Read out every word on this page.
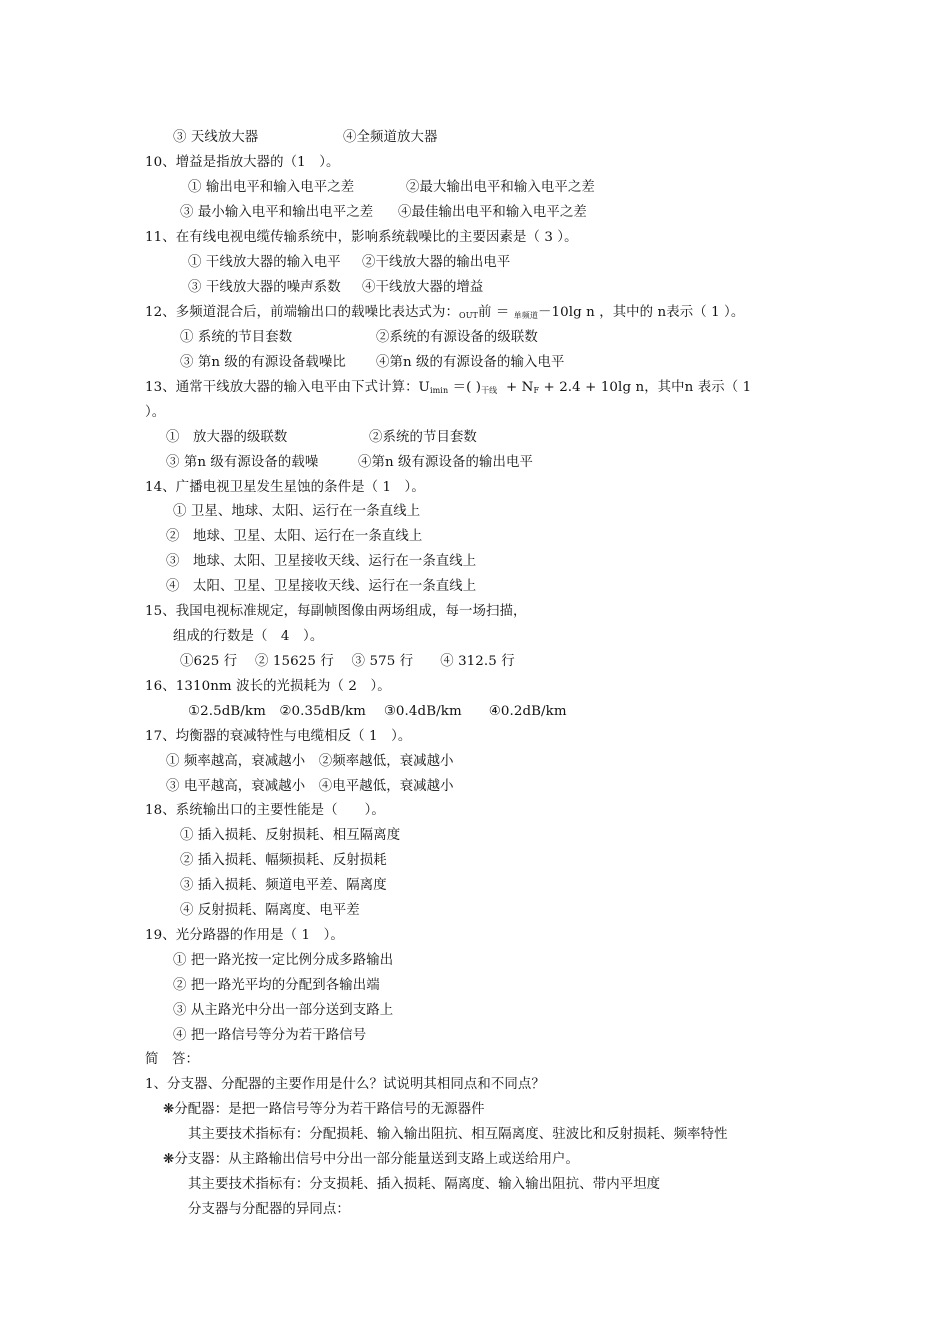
③ 天线放大器	④全频道放大器
10、增益是指放大器的（1　）。
① 输出电平和输入电平之差	②最大输出电平和输入电平之差
③ 最小输入电平和输出电平之差 ④最佳输出电平和输入电平之差
11、在有线电视电缆传输系统中，影响系统载噪比的主要因素是（ 3 ）。
① 干线放大器的输入电平 ②干线放大器的输出电平
③ 干线放大器的噪声系数 ④干线放大器的增益
12、多频道混合后，前端输出口的载噪比表达式为：$_{OUT}$前 ＝ $_{单频道}$－10lg n ，其中的 n表示（ 1 ）。
① 系统的节目套数	②系统的有源设备的级联数
③ 第n 级的有源设备载噪比 ④第n 级的有源设备的输入电平
13、通常干线放大器的输入电平由下式计算：$U_{imin}$ ＝( )$_{干线} + N_F + 2.4 + 10\lg$ n，其中n 表示（ 1
）。
①　放大器的级联数	②系统的节目套数
③ 第n 级有源设备的载噪	④第n 级有源设备的输出电平
14、广播电视卫星发生星蚀的条件是（ 1　）。
① 卫星、地球、太阳、运行在一条直线上
②　地球、卫星、太阳、运行在一条直线上
③　地球、太阳、卫星接收天线、运行在一条直线上
④　太阳、卫星、卫星接收天线、运行在一条直线上
15、我国电视标准规定，每副帧图像由两场组成，每一场扫描，
组成的行数是（　4　）。
①625 行　 ② 15625 行　 ③ 575 行　　④ 312.5 行
16、1310nm 波长的光损耗为（ 2　）。
①2.5dB/km　②0.35dB/km　 ③0.4dB/km　　④0.2dB/km
17、均衡器的衰减特性与电缆相反（ 1　）。
① 频率越高，衰减越小　②频率越低，衰减越小
③ 电平越高，衰减越小　④电平越低，衰减越小
18、系统输出口的主要性能是（　　）。
① 插入损耗、反射损耗、相互隔离度
② 插入损耗、幅频损耗、反射损耗
③ 插入损耗、频道电平差、隔离度
④ 反射损耗、隔离度、电平差
19、光分路器的作用是（ 1　）。
① 把一路光按一定比例分成多路输出
② 把一路光平均的分配到各输出端
③ 从主路光中分出一部分送到支路上
④ 把一路信号等分为若干路信号
简　答：
1、分支器、分配器的主要作用是什么？试说明其相同点和不同点？
❋分配器：是把一路信号等分为若干路信号的无源器件
其主要技术指标有：分配损耗、输入输出阻抗、相互隔离度、驻波比和反射损耗、频率特性
❋分支器：从主路输出信号中分出一部分能量送到支路上或送给用户。
其主要技术指标有：分支损耗、插入损耗、隔离度、输入输出阻抗、带内平坦度
分支器与分配器的异同点：
